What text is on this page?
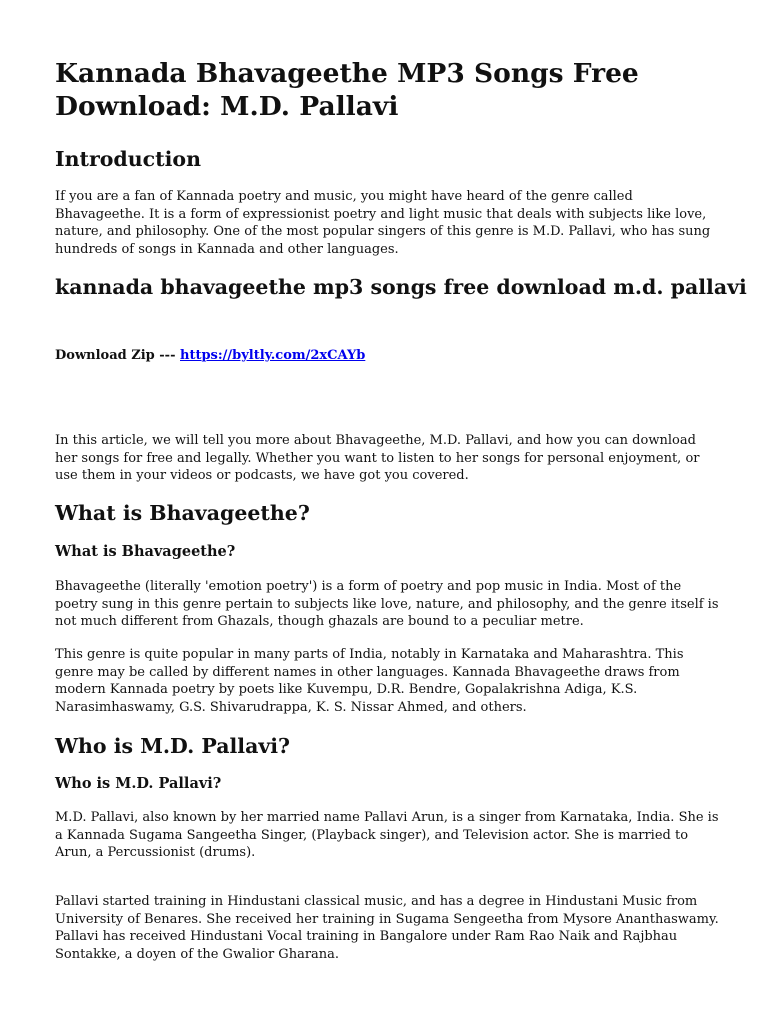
Kannada Bhavageethe MP3 Songs Free Download: M.D. Pallavi
Introduction

If you are a fan of Kannada poetry and music, you might have heard of the genre called Bhavageethe. It is a form of expressionist poetry and light music that deals with subjects like love, nature, and philosophy. One of the most popular singers of this genre is M.D. Pallavi, who has sung hundreds of songs in Kannada and other languages.

kannada bhavageethe mp3 songs free download m.d. pallavi
Download Zip --- https://byltly.com/2xCAYb

In this article, we will tell you more about Bhavageethe, M.D. Pallavi, and how you can download her songs for free and legally. Whether you want to listen to her songs for personal enjoyment, or use them in your videos or podcasts, we have got you covered.

What is Bhavageethe?
What is Bhavageethe?

Bhavageethe (literally 'emotion poetry') is a form of poetry and pop music in India. Most of the poetry sung in this genre pertain to subjects like love, nature, and philosophy, and the genre itself is not much different from Ghazals, though ghazals are bound to a peculiar metre.

This genre is quite popular in many parts of India, notably in Karnataka and Maharashtra. This genre may be called by different names in other languages. Kannada Bhavageethe draws from modern Kannada poetry by poets like Kuvempu, D.R. Bendre, Gopalakrishna Adiga, K.S. Narasimhaswamy, G.S. Shivarudrappa, K. S. Nissar Ahmed, and others.

Who is M.D. Pallavi?
Who is M.D. Pallavi?

M.D. Pallavi, also known by her married name Pallavi Arun, is a singer from Karnataka, India. She is a Kannada Sugama Sangeetha Singer, (Playback singer), and Television actor. She is married to Arun, a Percussionist (drums).

Pallavi started training in Hindustani classical music, and has a degree in Hindustani Music from University of Benares. She received her training in Sugama Sengeetha from Mysore Ananthaswamy. Pallavi has received Hindustani Vocal training in Bangalore under Ram Rao Naik and Rajbhau Sontakke, a doyen of the Gwalior Gharana.
